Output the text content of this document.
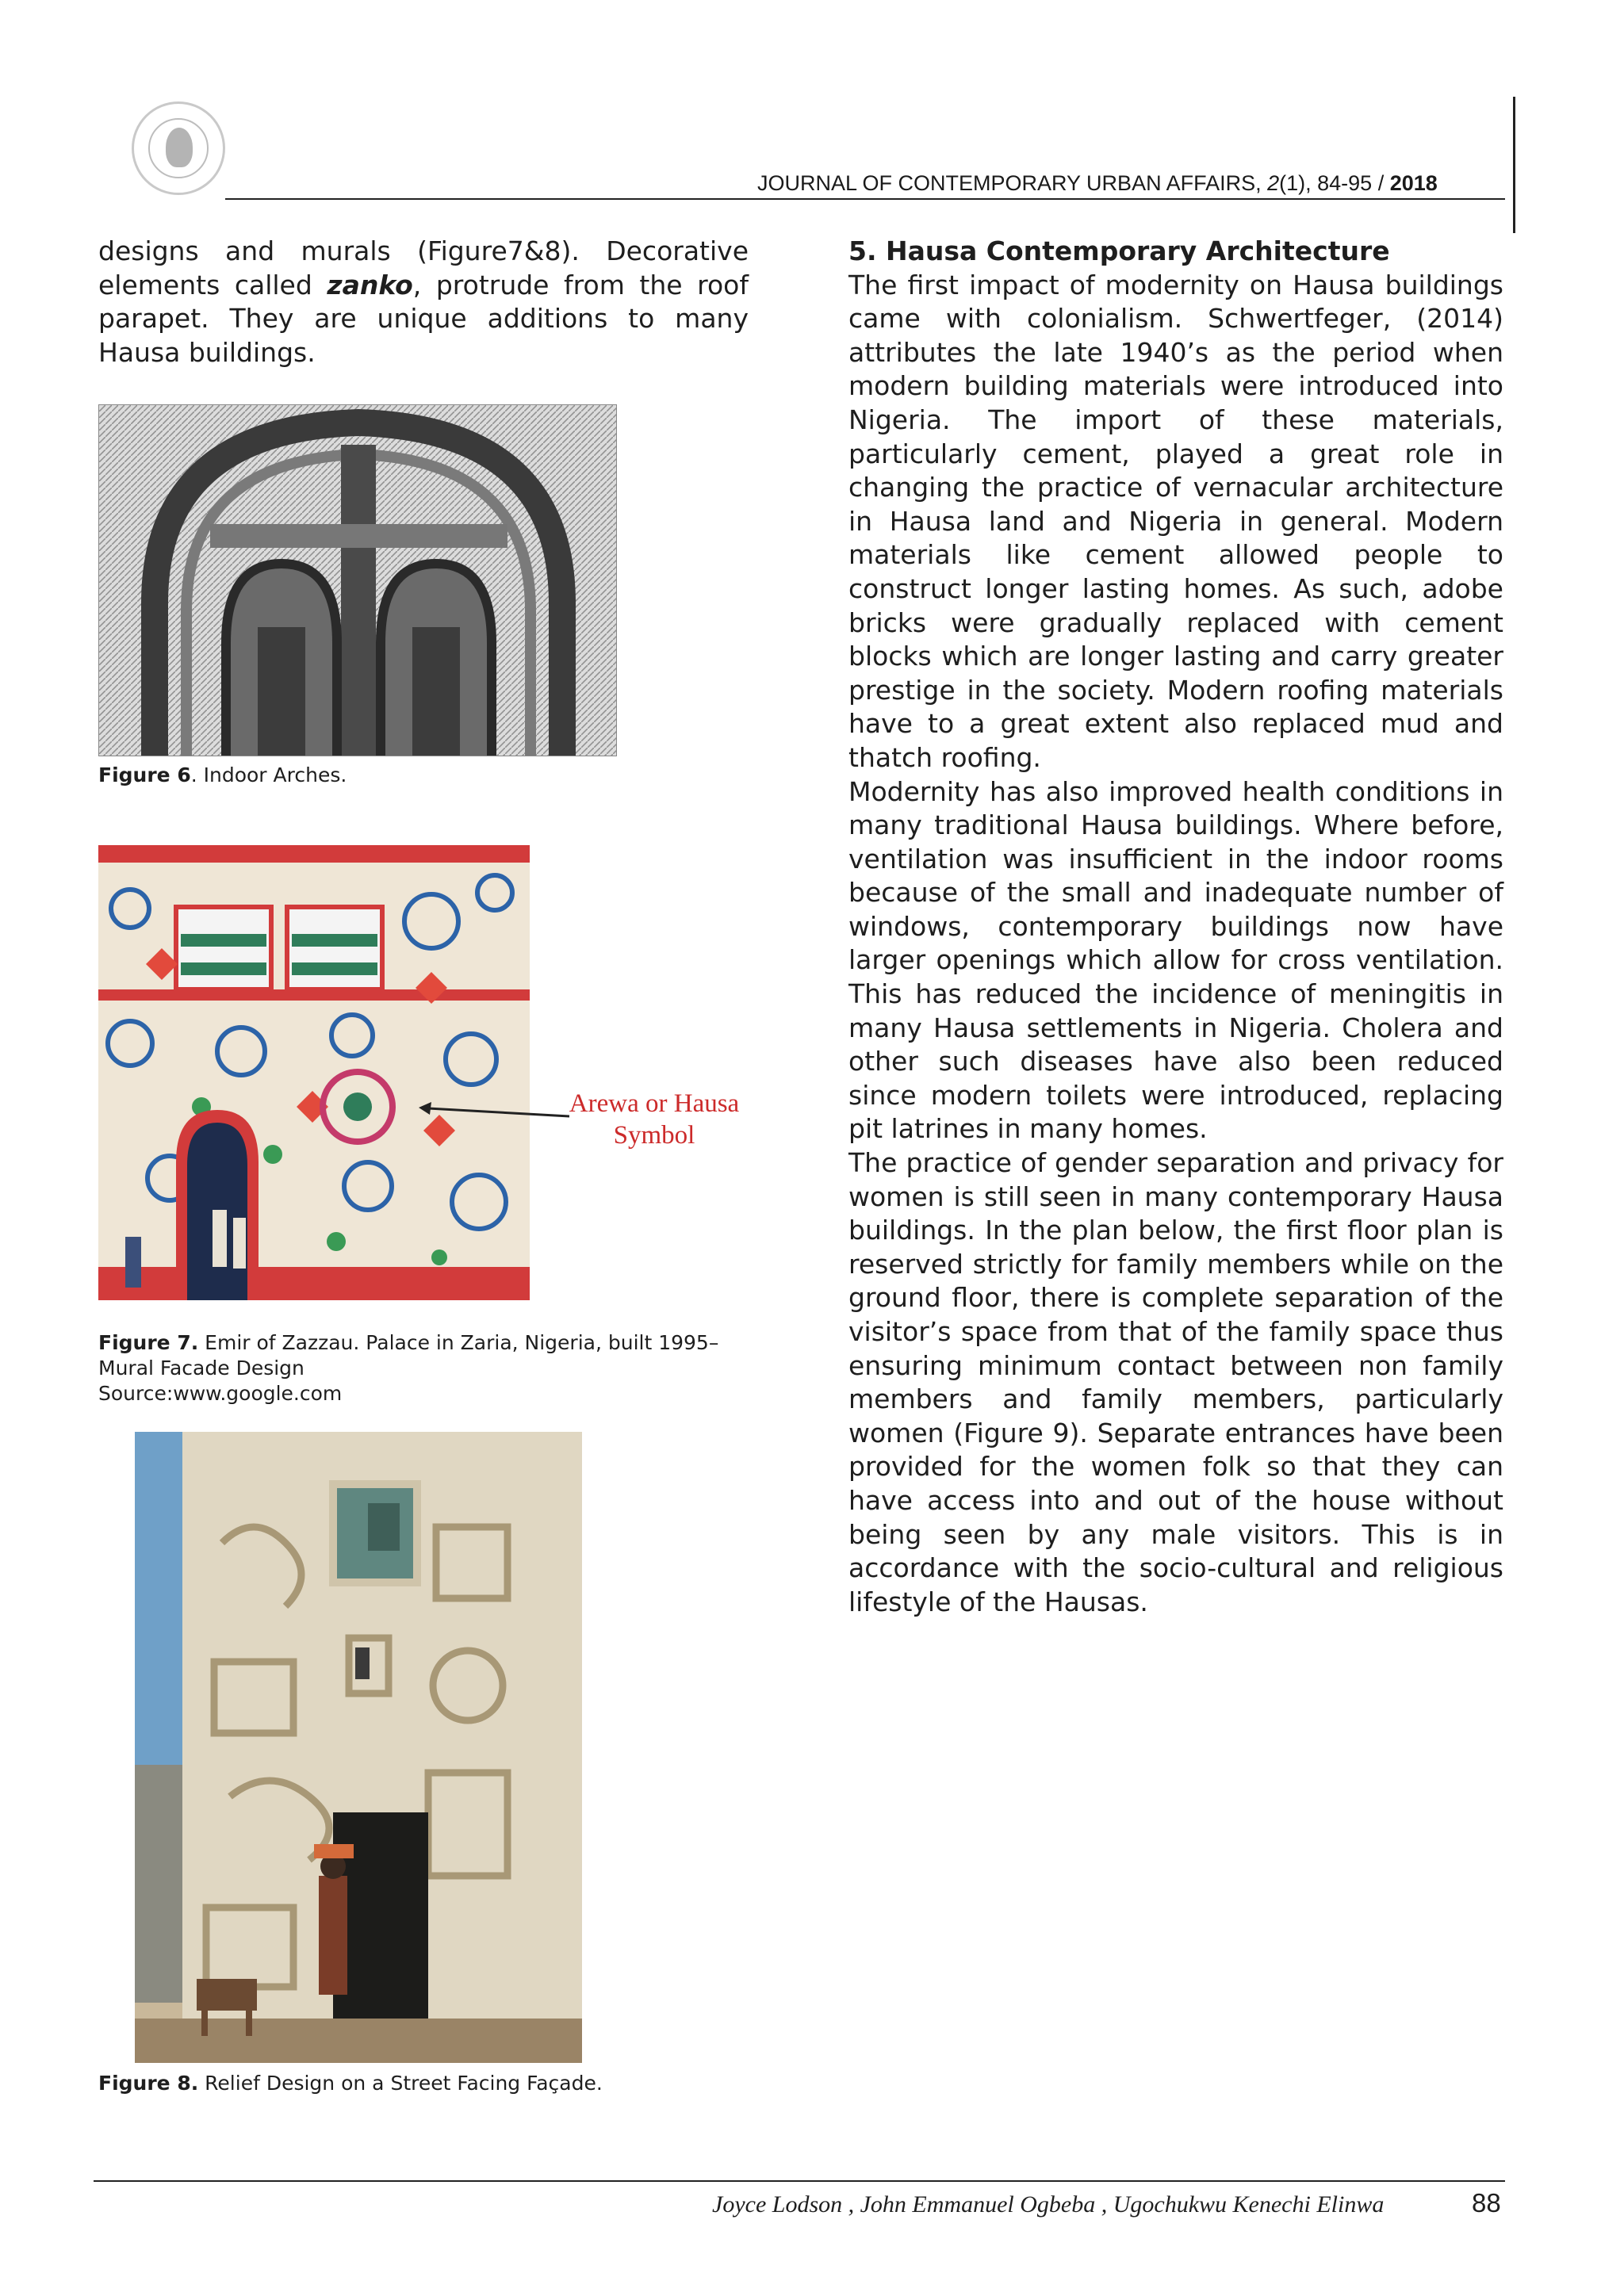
JOURNAL OF CONTEMPORARY URBAN AFFAIRS, 2(1), 84-95 / 2018

designs and murals (Figure7&8). Decorative elements called zanko, protrude from the roof parapet. They are unique additions to many Hausa buildings.

Figure 6. Indoor Arches.
Arewa or Hausa
Symbol
Figure 7. Emir of Zazzau. Palace in Zaria, Nigeria, built 1995–Mural Facade Design
Source:www.google.com
Figure 8. Relief Design on a Street Facing Façade.

5. Hausa Contemporary Architecture

The first impact of modernity on Hausa buildings came with colonialism. Schwertfeger, (2014) attributes the late 1940’s as the period when modern building materials were introduced into Nigeria. The import of these materials, particularly cement, played a great role in changing the practice of vernacular architecture in Hausa land and Nigeria in general. Modern materials like cement allowed people to construct longer lasting homes. As such, adobe bricks were gradually replaced with cement blocks which are longer lasting and carry greater prestige in the society. Modern roofing materials have to a great extent also replaced mud and thatch roofing.

Modernity has also improved health conditions in many traditional Hausa buildings. Where before, ventilation was insufficient in the indoor rooms because of the small and inadequate number of windows, contemporary buildings now have larger openings which allow for cross ventilation. This has reduced the incidence of meningitis in many Hausa settlements in Nigeria. Cholera and other such diseases have also been reduced since modern toilets were introduced, replacing pit latrines in many homes.

The practice of gender separation and privacy for women is still seen in many contemporary Hausa buildings. In the plan below, the first floor plan is reserved strictly for family members while on the ground floor, there is complete separation of the visitor’s space from that of the family space thus ensuring minimum contact between non family members and family members, particularly women (Figure 9). Separate entrances have been provided for the women folk so that they can have access into and out of the house without being seen by any male visitors. This is in accordance with the socio-cultural and religious lifestyle of the Hausas.

Joyce Lodson , John Emmanuel Ogbeba , Ugochukwu Kenechi Elinwa	88
